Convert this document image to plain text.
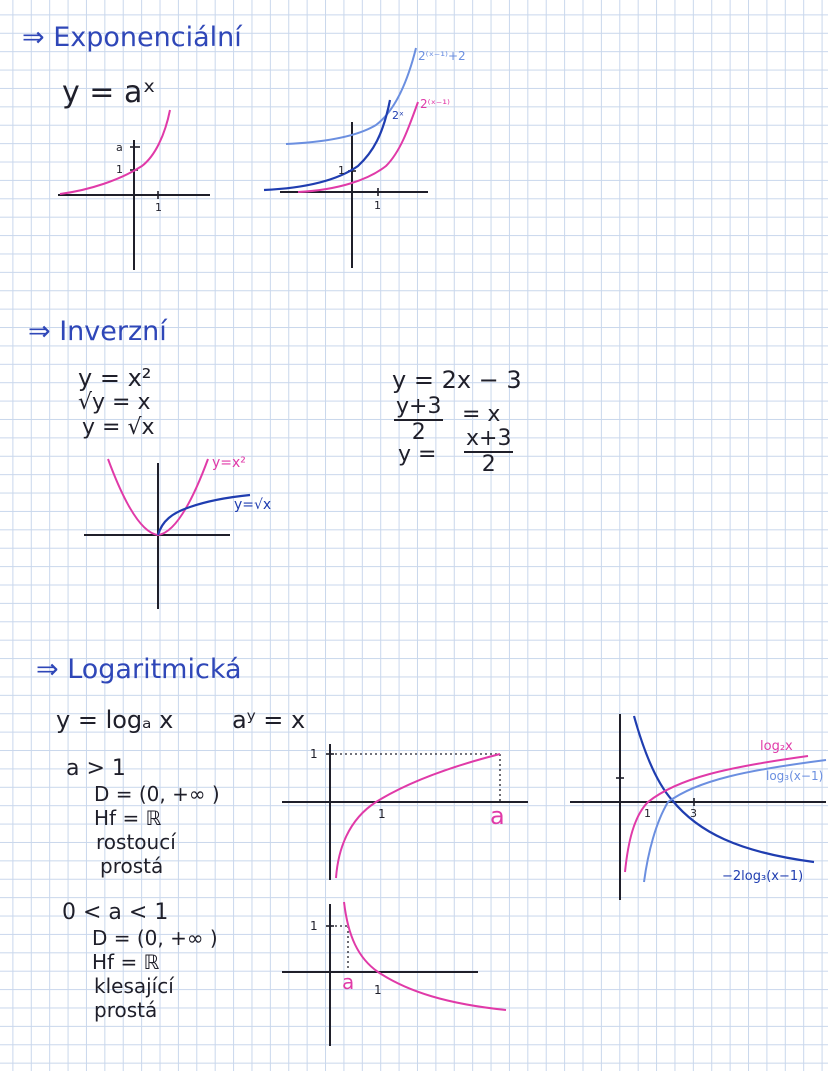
⇒ Exponenciální
y = aˣ
a
1
1
2⁽ˣ⁻¹⁾+2
2ˣ
2⁽ˣ⁻¹⁾
1
1
⇒ Inverzní
y = x²
√y = x
y = √x
y=x²
y=√x
y = 2x − 3
$\frac{y+3}{2} = x$
$y = \frac{x+3}{2}$
⇒ Logaritmická
y = logₐ x aʸ = x
a > 1
D = (0, +∞ )
Hf = ℝ
rostoucí
prostá
1
1	a
0 < a < 1
D = (0, +∞ )
Hf = ℝ
klesající
prostá
1
1
a
log₂x
log₃(x−1)
−2log₃(x−1)
1	3
